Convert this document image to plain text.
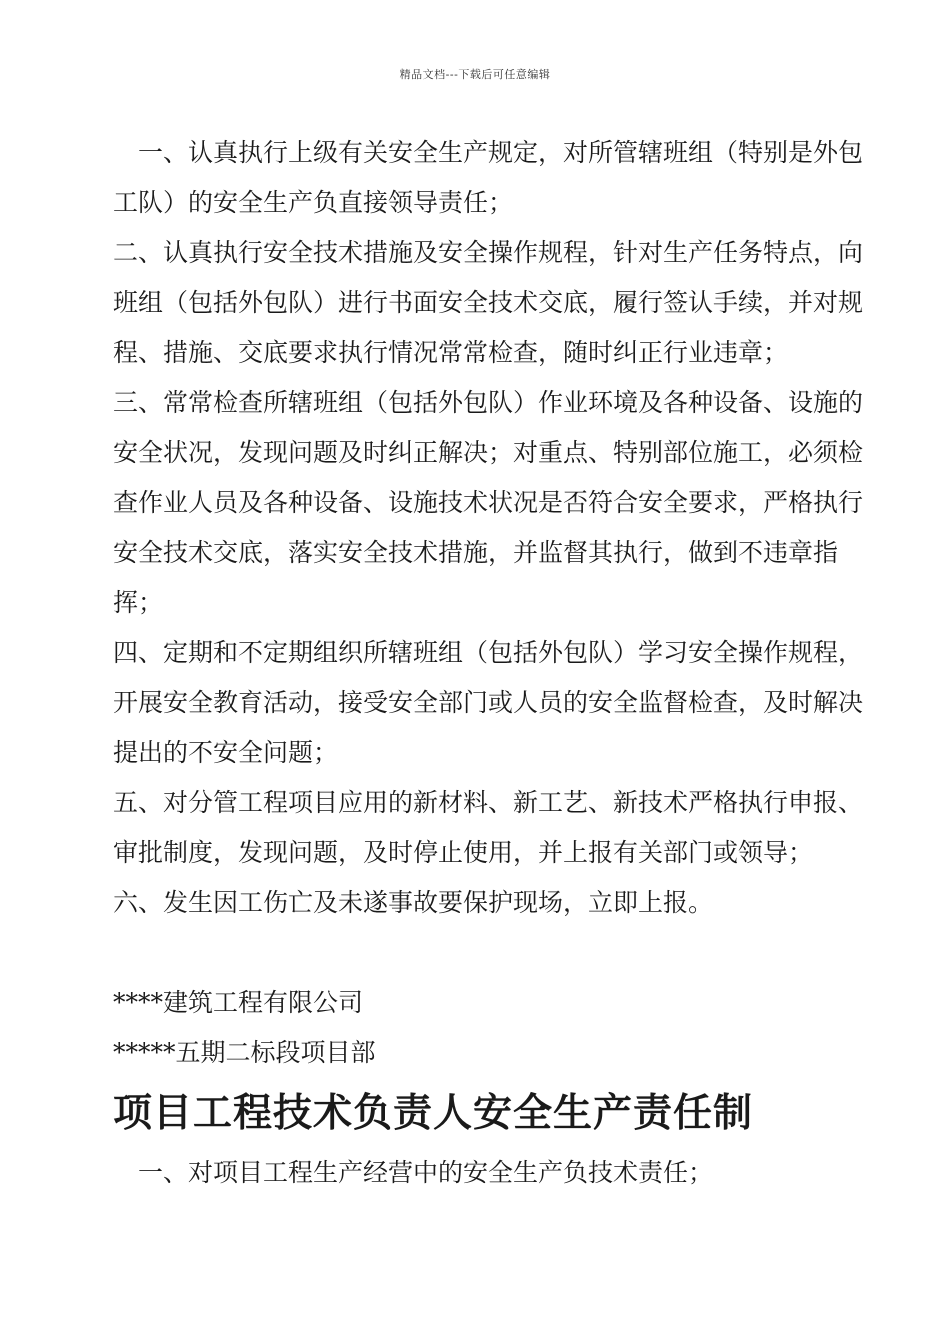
精品文档---下载后可任意编辑

一、认真执行上级有关安全生产规定，对所管辖班组（特别是外包工队）的安全生产负直接领导责任；

二、认真执行安全技术措施及安全操作规程，针对生产任务特点，向班组（包括外包队）进行书面安全技术交底，履行签认手续，并对规程、措施、交底要求执行情况常常检查，随时纠正行业违章；

三、常常检查所辖班组（包括外包队）作业环境及各种设备、设施的安全状况，发现问题及时纠正解决；对重点、特别部位施工，必须检查作业人员及各种设备、设施技术状况是否符合安全要求，严格执行安全技术交底，落实安全技术措施，并监督其执行，做到不违章指挥；

四、定期和不定期组织所辖班组（包括外包队）学习安全操作规程，开展安全教育活动，接受安全部门或人员的安全监督检查，及时解决提出的不安全问题；

五、对分管工程项目应用的新材料、新工艺、新技术严格执行申报、审批制度，发现问题，及时停止使用，并上报有关部门或领导；

六、发生因工伤亡及未遂事故要保护现场，立即上报。

****建筑工程有限公司

*****五期二标段项目部

项目工程技术负责人安全生产责任制

一、对项目工程生产经营中的安全生产负技术责任；
